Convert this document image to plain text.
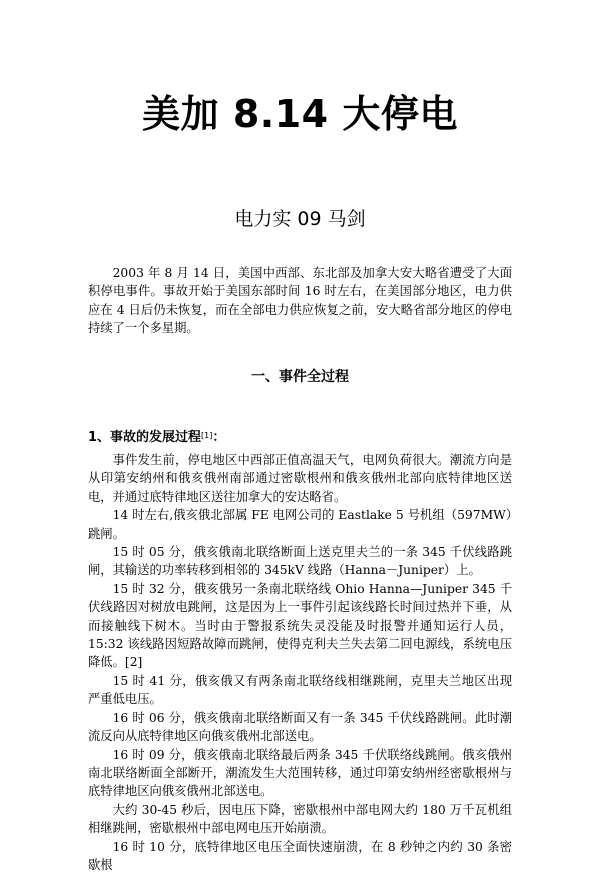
美加 8.14 大停电
电力实 09 马剑

2003 年 8 月 14 日，美国中西部、东北部及加拿大安大略省遭受了大面积停电事件。事故开始于美国东部时间 16 时左右，在美国部分地区，电力供应在 4 日后仍未恢复，而在全部电力供应恢复之前，安大略省部分地区的停电持续了一个多星期。

一、事件全过程
1、事故的发展过程[1]：

事件发生前，停电地区中西部正值高温天气，电网负荷很大。潮流方向是从印第安纳州和俄亥俄州南部通过密歇根州和俄亥俄州北部向底特律地区送电，并通过底特律地区送往加拿大的安达略省。

14 时左右,俄亥俄北部属 FE 电网公司的 Eastlake 5 号机组（597MW）跳闸。

15 时 05 分，俄亥俄南北联络断面上送克里夫兰的一条 345 千伏线路跳闸，其输送的功率转移到相邻的 345kV 线路（Hanna－Juniper）上。

15 时 32 分，俄亥俄另一条南北联络线 Ohio Hanna—Juniper 345 千伏线路因对树放电跳闸，这是因为上一事件引起该线路长时间过热并下垂，从而接触线下树木。当时由于警报系统失灵没能及时报警并通知运行人员，15:32 该线路因短路故障而跳闸，使得克利夫兰失去第二回电源线，系统电压降低。[2]

15 时 41 分，俄亥俄又有两条南北联络线相继跳闸，克里夫兰地区出现严重低电压。

16 时 06 分，俄亥俄南北联络断面又有一条 345 千伏线路跳闸。此时潮流反向从底特律地区向俄亥俄州北部送电。

16 时 09 分，俄亥俄南北联络最后两条 345 千伏联络线跳闸。俄亥俄州南北联络断面全部断开，潮流发生大范围转移，通过印第安纳州经密歇根州与底特律地区向俄亥俄州北部送电。

大约 30-45 秒后，因电压下降，密歇根州中部电网大约 180 万千瓦机组相继跳闸，密歇根州中部电网电压开始崩溃。

16 时 10 分，底特律地区电压全面快速崩溃，在 8 秒钟之内约 30 条密歇根
